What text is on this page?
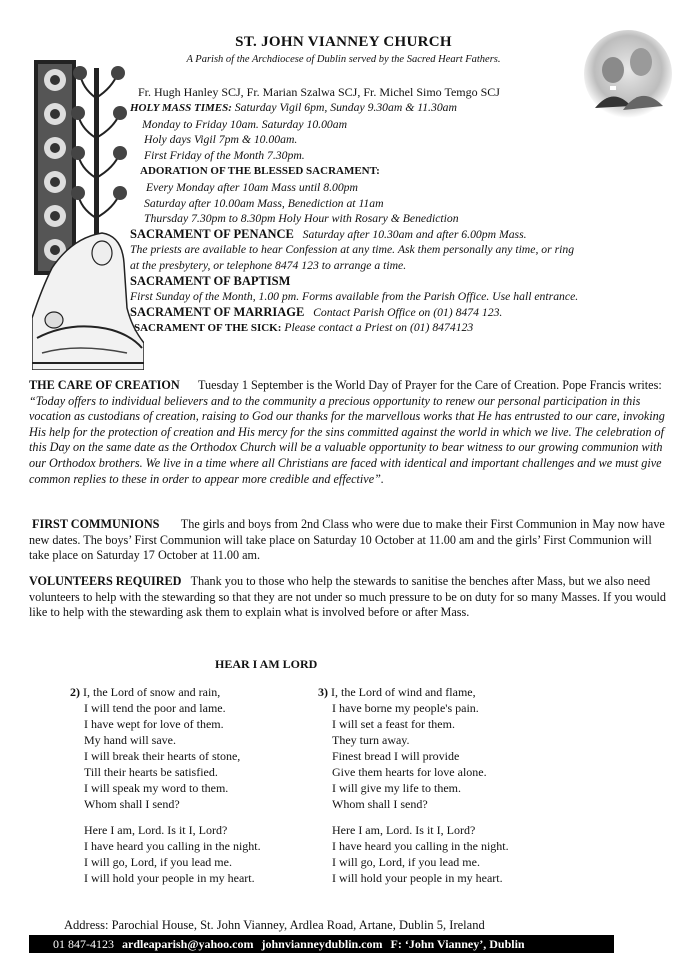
ST. JOHN VIANNEY CHURCH
A Parish of the Archdiocese of Dublin served by the Sacred Heart Fathers.
Fr. Hugh Hanley SCJ, Fr. Marian Szalwa SCJ, Fr. Michel Simo Temgo SCJ
HOLY MASS TIMES: Saturday Vigil 6pm, Sunday 9.30am & 11.30am
Monday to Friday 10am. Saturday 10.00am
Holy days Vigil 7pm & 10.00am.
First Friday of the Month 7.30pm.
ADORATION OF THE BLESSED SACRAMENT:
Every Monday after 10am Mass until 8.00pm
Saturday after 10.00am Mass, Benediction at 11am
Thursday 7.30pm to 8.30pm Holy Hour with Rosary & Benediction
SACRAMENT OF PENANCE Saturday after 10.30am and after 6.00pm Mass.
The priests are available to hear Confession at any time. Ask them personally any time, or ring
at the presbytery, or telephone 8474 123 to arrange a time.
SACRAMENT OF BAPTISM
First Sunday of the Month, 1.00 pm. Forms available from the Parish Office. Use hall entrance.
SACRAMENT OF MARRIAGE Contact Parish Office on (01) 8474 123.
SACRAMENT OF THE SICK: Please contact a Priest on (01) 8474123
THE CARE OF CREATION Tuesday 1 September is the World Day of Prayer for the Care of Creation. Pope Francis writes: “Today offers to individual believers and to the community a precious opportunity to renew our personal participation in this vocation as custodians of creation, raising to God our thanks for the marvellous works that He has entrusted to our care, invoking His help for the protection of creation and His mercy for the sins committed against the world in which we live. The celebration of this Day on the same date as the Orthodox Church will be a valuable opportunity to bear witness to our growing communion with our Orthodox brothers. We live in a time where all Christians are faced with identical and important challenges and we must give common replies to these in order to appear more credible and effective”.
FIRST COMMUNIONS The girls and boys from 2nd Class who were due to make their First Communion in May now have new dates. The boys’ First Communion will take place on Saturday 10 October at 11.00 am and the girls’ First Communion will take place on Saturday 17 October at 11.00 am.
VOLUNTEERS REQUIRED Thank you to those who help the stewards to sanitise the benches after Mass, but we also need volunteers to help with the stewarding so that they are not under so much pressure to be on duty for so many Masses. If you would like to help with the stewarding ask them to explain what is involved before or after Mass.
HEAR I AM LORD
2) I, the Lord of snow and rain,
I will tend the poor and lame.
I have wept for love of them.
My hand will save.
I will break their hearts of stone,
Till their hearts be satisfied.
I will speak my word to them.
Whom shall I send?
3) I, the Lord of wind and flame,
I have borne my people's pain.
I will set a feast for them.
They turn away.
Finest bread I will provide
Give them hearts for love alone.
I will give my life to them.
Whom shall I send?
Here I am, Lord. Is it I, Lord?
I have heard you calling in the night.
I will go, Lord, if you lead me.
I will hold your people in my heart.
Here I am, Lord. Is it I, Lord?
I have heard you calling in the night.
I will go, Lord, if you lead me.
I will hold your people in my heart.
Address: Parochial House, St. John Vianney, Ardlea Road, Artane, Dublin 5, Ireland
01 847-4123 ardleaparish@yahoo.com johnvianneydublin.com F: ‘John Vianney’, Dublin
